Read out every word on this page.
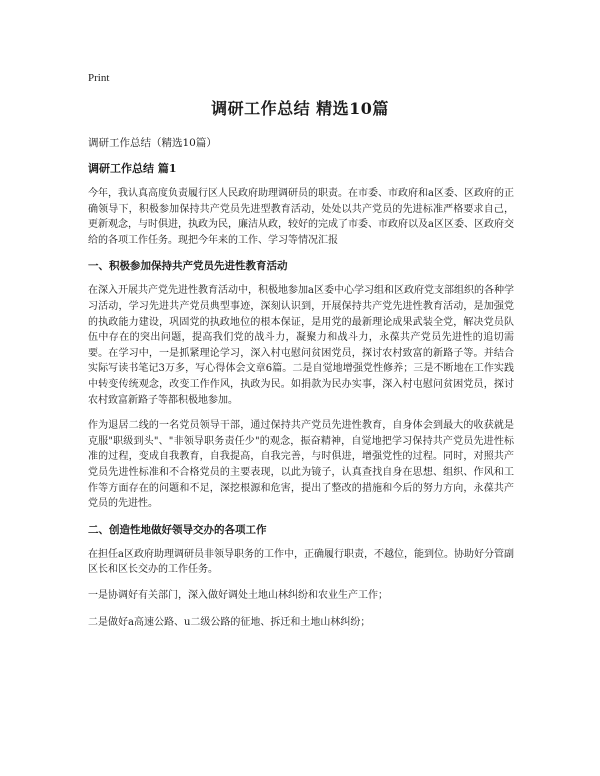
Print
调研工作总结 精选10篇
调研工作总结（精选10篇）
调研工作总结 篇1

今年，我认真高度负责履行区人民政府助理调研员的职责。在市委、市政府和a区委、区政府的正确领导下，积极参加保持共产党员先进型教育活动，处处以共产党员的先进标准严格要求自己，更新观念，与时俱进，执政为民，廉洁从政，较好的完成了市委、市政府以及a区区委、区政府交给的各项工作任务。现把今年来的工作、学习等情况汇报

一、积极参加保持共产党员先进性教育活动

在深入开展共产党先进性教育活动中，积极地参加a区委中心学习组和区政府党支部组织的各种学习活动，学习先进共产党员典型事迹，深刻认识到，开展保持共产党先进性教育活动，是加强党的执政能力建设，巩固党的执政地位的根本保证，是用党的最新理论成果武装全党，解决党员队伍中存在的突出问题，提高我们党的战斗力，凝聚力和战斗力，永葆共产党员先进性的追切需要。在学习中，一是抓紧理论学习，深入村屯慰问贫困党员，探讨农村致富的新路子等。并结合实际写读书笔记3万多，写心得体会文章6篇。二是自觉地增强党性修养；三是不断地在工作实践中转变传统观念，改变工作作风，执政为民。如捐款为民办实事，深入村屯慰问贫困党员，探讨农村致富新路子等都积极地参加。

作为退居二线的一名党员领导干部，通过保持共产党员先进性教育，自身体会到最大的收获就是克服"职级到头"、"非领导职务责任少"的观念，振奋精神，自觉地把学习保持共产党员先进性标准的过程，变成自我教育，自我提高，自我完善，与时俱进，增强党性的过程。同时，对照共产党员先进性标准和不合格党员的主要表现，以此为镜子，认真查找自身在思想、组织、作风和工作等方面存在的问题和不足，深挖根源和危害，提出了整改的措施和今后的努力方向，永葆共产党员的先进性。

二、创造性地做好领导交办的各项工作

在担任a区政府助理调研员非领导职务的工作中，正确履行职责，不越位，能到位。协助好分管副区长和区长交办的工作任务。

一是协调好有关部门，深入做好调处土地山林纠纷和农业生产工作；
二是做好a高速公路、u二级公路的征地、拆迁和土地山林纠纷；
